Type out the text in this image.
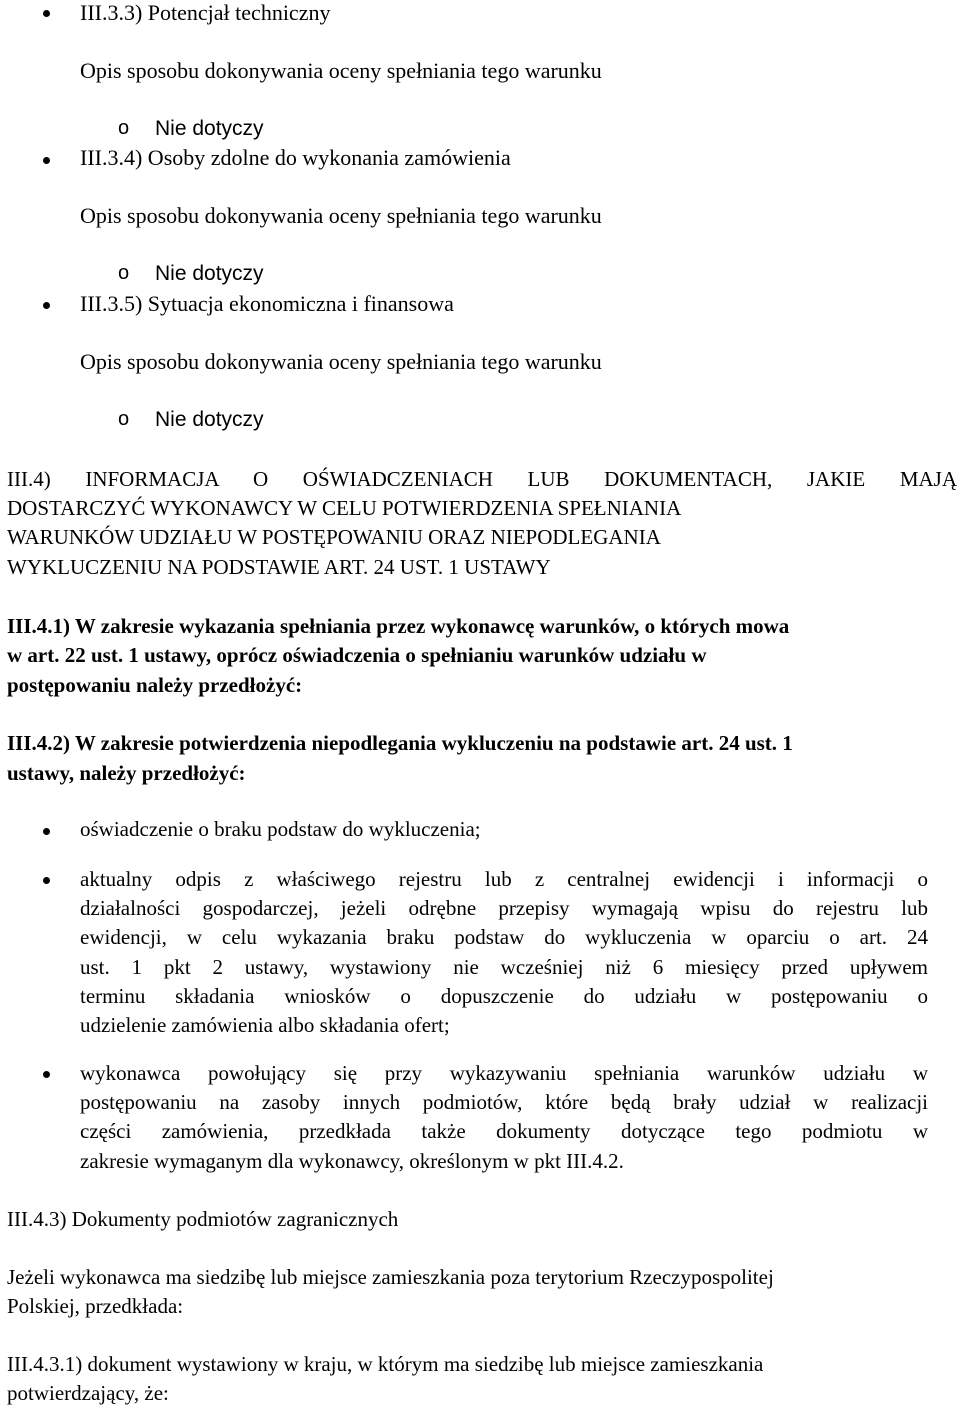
III.3.3) Potencjał techniczny
Opis sposobu dokonywania oceny spełniania tego warunku
o Nie dotyczy
III.3.4) Osoby zdolne do wykonania zamówienia
Opis sposobu dokonywania oceny spełniania tego warunku
o Nie dotyczy
III.3.5) Sytuacja ekonomiczna i finansowa
Opis sposobu dokonywania oceny spełniania tego warunku
o Nie dotyczy
III.4) INFORMACJA O OŚWIADCZENIACH LUB DOKUMENTACH, JAKIE MAJĄ
DOSTARCZYĆ WYKONAWCY W CELU POTWIERDZENIA SPEŁNIANIA
WARUNKÓW UDZIAŁU W POSTĘPOWANIU ORAZ NIEPODLEGANIA
WYKLUCZENIU NA PODSTAWIE ART. 24 UST. 1 USTAWY
III.4.1) W zakresie wykazania spełniania przez wykonawcę warunków, o których mowa
w art. 22 ust. 1 ustawy, oprócz oświadczenia o spełnianiu warunków udziału w
postępowaniu należy przedłożyć:
III.4.2) W zakresie potwierdzenia niepodlegania wykluczeniu na podstawie art. 24 ust. 1
ustawy, należy przedłożyć:
oświadczenie o braku podstaw do wykluczenia;
aktualny odpis z właściwego rejestru lub z centralnej ewidencji i informacji o
działalności gospodarczej, jeżeli odrębne przepisy wymagają wpisu do rejestru lub
ewidencji, w celu wykazania braku podstaw do wykluczenia w oparciu o art. 24
ust. 1 pkt 2 ustawy, wystawiony nie wcześniej niż 6 miesięcy przed upływem
terminu składania wniosków o dopuszczenie do udziału w postępowaniu o
udzielenie zamówienia albo składania ofert;
wykonawca powołujący się przy wykazywaniu spełniania warunków udziału w
postępowaniu na zasoby innych podmiotów, które będą brały udział w realizacji
części zamówienia, przedkłada także dokumenty dotyczące tego podmiotu w
zakresie wymaganym dla wykonawcy, określonym w pkt III.4.2.
III.4.3) Dokumenty podmiotów zagranicznych
Jeżeli wykonawca ma siedzibę lub miejsce zamieszkania poza terytorium Rzeczypospolitej
Polskiej, przedkłada:
III.4.3.1) dokument wystawiony w kraju, w którym ma siedzibę lub miejsce zamieszkania
potwierdzający, że:
